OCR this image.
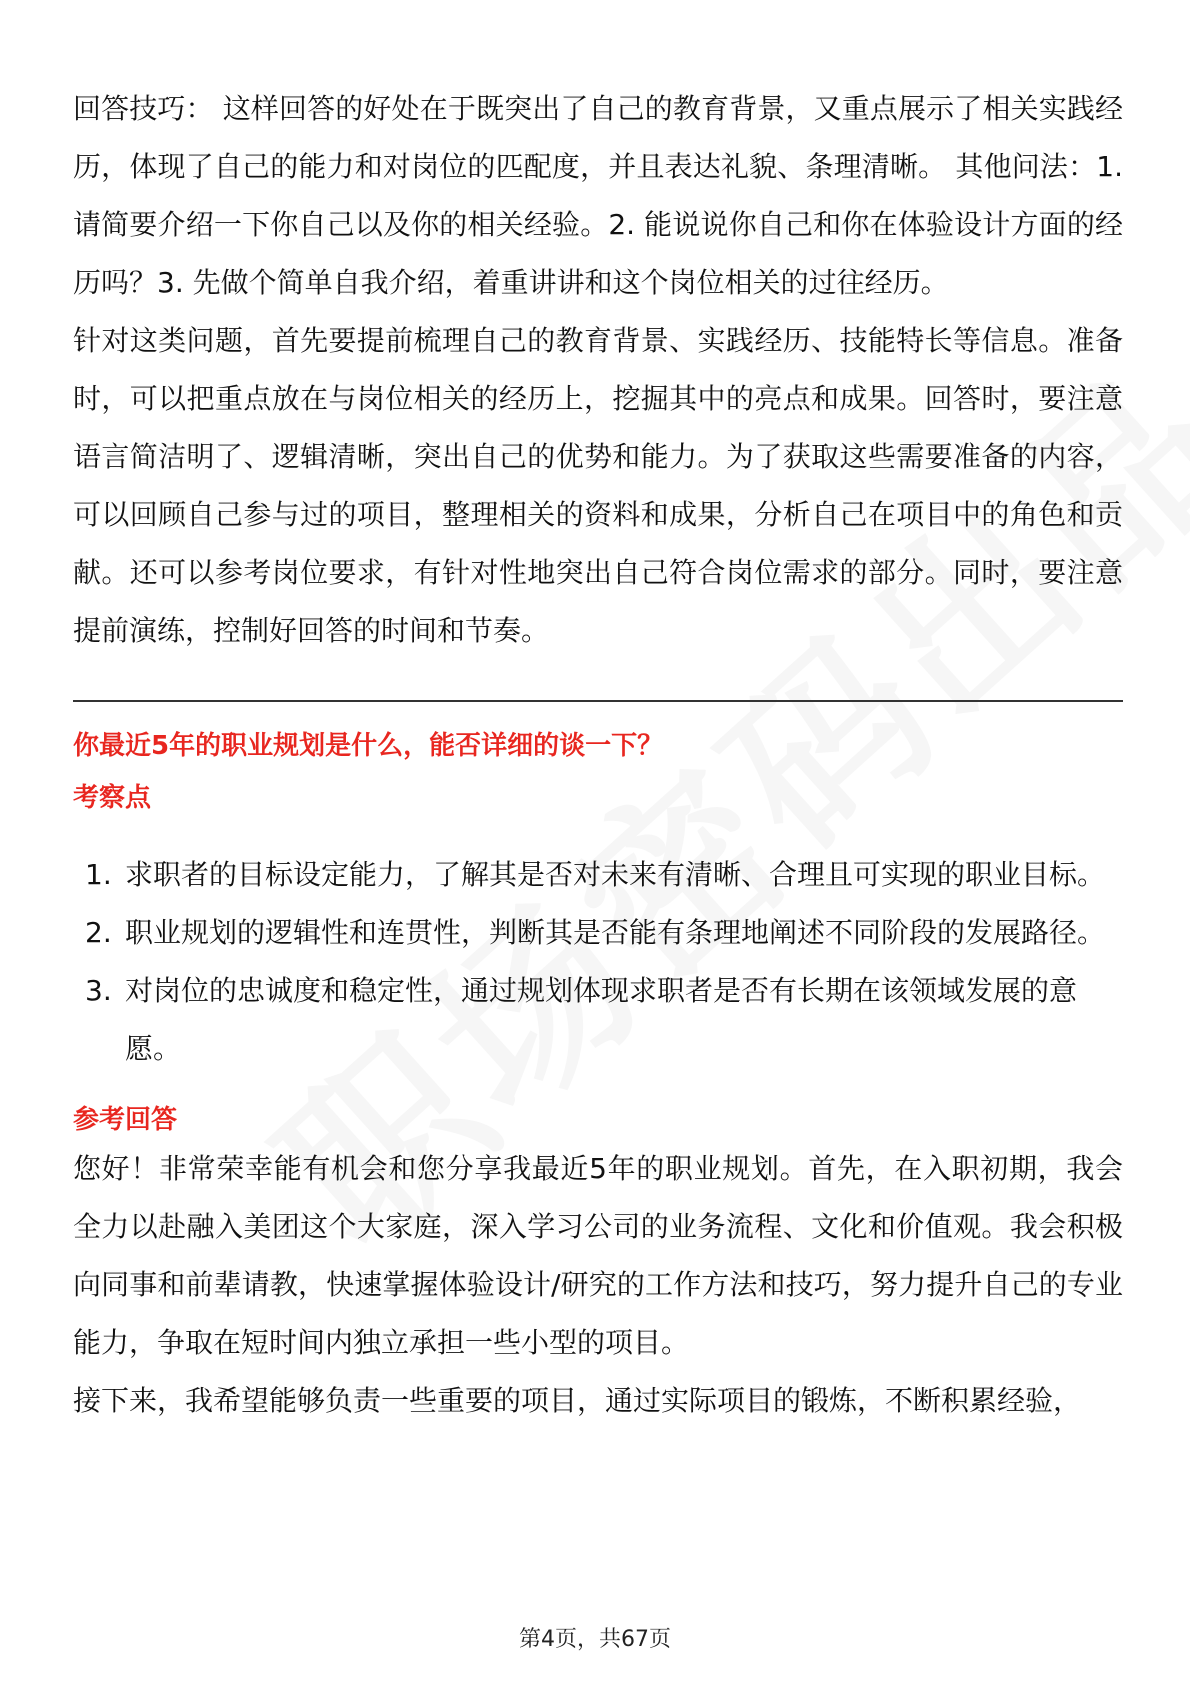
回答技巧： 这样回答的好处在于既突出了自己的教育背景，又重点展示了相关实践经历，体现了自己的能力和对岗位的匹配度，并且表达礼貌、条理清晰。 其他问法：1. 请简要介绍一下你自己以及你的相关经验。2. 能说说你自己和你在体验设计方面的经历吗？3. 先做个简单自我介绍，着重讲讲和这个岗位相关的过往经历。

针对这类问题，首先要提前梳理自己的教育背景、实践经历、技能特长等信息。准备时，可以把重点放在与岗位相关的经历上，挖掘其中的亮点和成果。回答时，要注意语言简洁明了、逻辑清晰，突出自己的优势和能力。为了获取这些需要准备的内容，可以回顾自己参与过的项目，整理相关的资料和成果，分析自己在项目中的角色和贡献。还可以参考岗位要求，有针对性地突出自己符合岗位需求的部分。同时，要注意提前演练，控制好回答的时间和节奏。

你最近5年的职业规划是什么，能否详细的谈一下？
考察点
1. 求职者的目标设定能力，了解其是否对未来有清晰、合理且可实现的职业目标。
2. 职业规划的逻辑性和连贯性，判断其是否能有条理地阐述不同阶段的发展路径。
3. 对岗位的忠诚度和稳定性，通过规划体现求职者是否有长期在该领域发展的意愿。
参考回答

您好！非常荣幸能有机会和您分享我最近5年的职业规划。首先，在入职初期，我会全力以赴融入美团这个大家庭，深入学习公司的业务流程、文化和价值观。我会积极向同事和前辈请教，快速掌握体验设计/研究的工作方法和技巧，努力提升自己的专业能力，争取在短时间内独立承担一些小型的项目。

接下来，我希望能够负责一些重要的项目，通过实际项目的锻炼，不断积累经验，

第4页，共67页
